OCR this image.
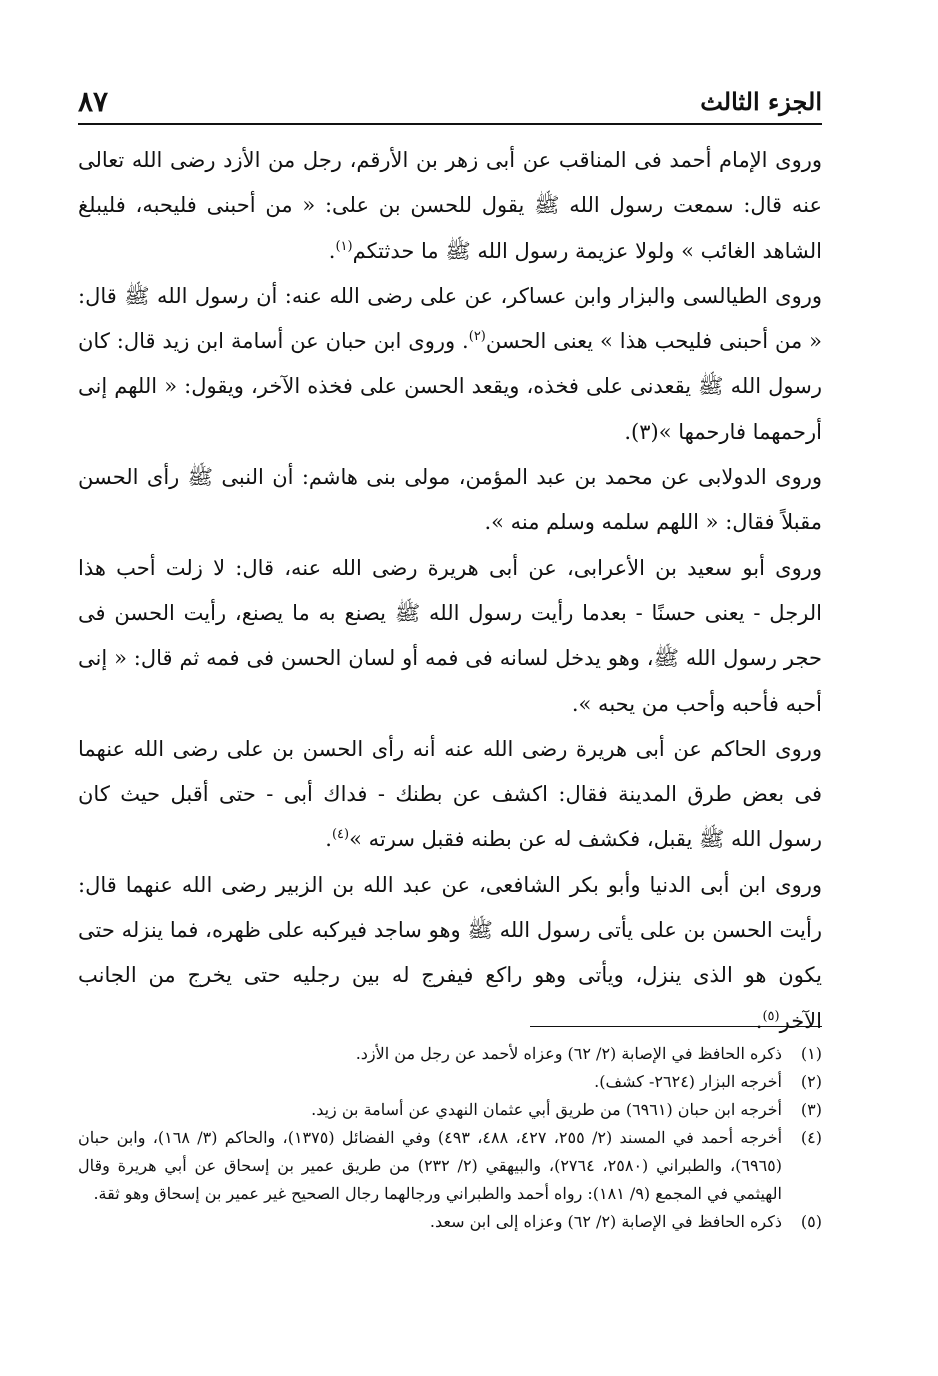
٨٧	الجزء الثالث

وروى الإمام أحمد فى المناقب عن أبى زهر بن الأرقم، رجل من الأزد رضى الله تعالى عنه قال: سمعت رسول الله ﷺ يقول للحسن بن على: « من أحبنى فليحبه، فليبلغ الشاهد الغائب » ولولا عزيمة رسول الله ﷺ ما حدثتكم$^{(١)}$.

وروى الطيالسى والبزار وابن عساكر، عن على رضى الله عنه: أن رسول الله ﷺ قال: « من أحبنى فليحب هذا » يعنى الحسن$^{(٢)}$. وروى ابن حبان عن أسامة ابن زيد قال: كان رسول الله ﷺ يقعدنى على فخذه، ويقعد الحسن على فخذه الآخر، ويقول: « اللهم إنى أرحمهما فارحمها »(٣).

وروى الدولابى عن محمد بن عبد المؤمن، مولى بنى هاشم: أن النبى ﷺ رأى الحسن مقبلاً فقال: « اللهم سلمه وسلم منه ».

وروى أبو سعيد بن الأعرابى، عن أبى هريرة رضى الله عنه، قال: لا زلت أحب هذا الرجل - يعنى حسنًا - بعدما رأيت رسول الله ﷺ يصنع به ما يصنع، رأيت الحسن فى حجر رسول الله ﷺ، وهو يدخل لسانه فى فمه أو لسان الحسن فى فمه ثم قال: « إنى أحبه فأحبه وأحب من يحبه ».

وروى الحاكم عن أبى هريرة رضى الله عنه أنه رأى الحسن بن على رضى الله عنهما فى بعض طرق المدينة فقال: اكشف عن بطنك - فداك أبى - حتى أقبل حيث كان رسول الله ﷺ يقبل، فكشف له عن بطنه فقبل سرته »$^{(٤)}$.

وروى ابن أبى الدنيا وأبو بكر الشافعى، عن عبد الله بن الزبير رضى الله عنهما قال: رأيت الحسن بن على يأتى رسول الله ﷺ وهو ساجد فيركبه على ظهره، فما ينزله حتى يكون هو الذى ينزل، ويأتى وهو راكع فيفرج له بين رجليه حتى يخرج من الجانب الآخر$^{(٥)}$.

(١)
ذكره الحافظ في الإصابة (٢/ ٦٢) وعزاه لأحمد عن رجل من الأزد.
(٢)
أخرجه البزار (٢٦٢٤- كشف).
(٣)
أخرجه ابن حبان (٦٩٦١) من طريق أبي عثمان النهدي عن أسامة بن زيد.
(٤)
أخرجه أحمد في المسند (٢/ ٢٥٥، ٤٢٧، ٤٨٨، ٤٩٣) وفي الفضائل (١٣٧٥)، والحاكم (٣/ ١٦٨)، وابن حبان (٦٩٦٥)، والطبراني (٢٥٨٠، ٢٧٦٤)، والبيهقي (٢/ ٢٣٢) من طريق عمير بن إسحاق عن أبي هريرة وقال الهيثمي في المجمع (٩/ ١٨١): رواه أحمد والطبراني ورجالهما رجال الصحيح غير عمير بن إسحاق وهو ثقة.
(٥)
ذكره الحافظ في الإصابة (٢/ ٦٢) وعزاه إلى ابن سعد.
